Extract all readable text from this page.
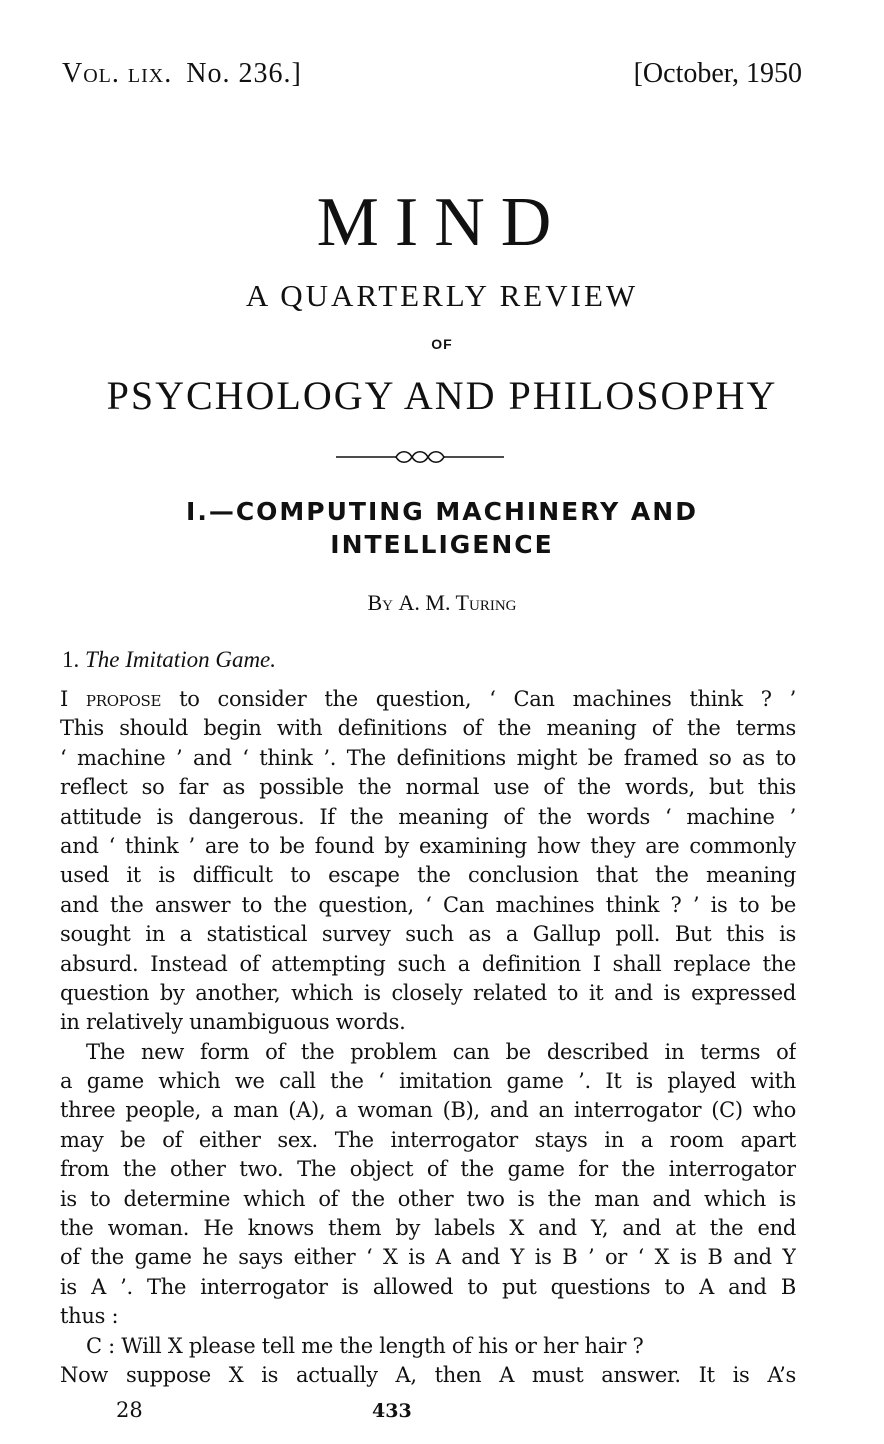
Vol. lix. No. 236.]	[October, 1950
MIND
A QUARTERLY REVIEW
OF
PSYCHOLOGY AND PHILOSOPHY
I.—COMPUTING MACHINERY AND
INTELLIGENCE
By A. M. Turing
1. The Imitation Game.
I propose to consider the question, ‘ Can machines think ? ’
This should begin with definitions of the meaning of the terms
‘ machine ’ and ‘ think ’. The definitions might be framed so as to
reflect so far as possible the normal use of the words, but this
attitude is dangerous. If the meaning of the words ‘ machine ’
and ‘ think ’ are to be found by examining how they are commonly
used it is difficult to escape the conclusion that the meaning
and the answer to the question, ‘ Can machines think ? ’ is to be
sought in a statistical survey such as a Gallup poll. But this is
absurd. Instead of attempting such a definition I shall replace the
question by another, which is closely related to it and is expressed
in relatively unambiguous words.
The new form of the problem can be described in terms of
a game which we call the ‘ imitation game ’. It is played with
three people, a man (A), a woman (B), and an interrogator (C) who
may be of either sex. The interrogator stays in a room apart
from the other two. The object of the game for the interrogator
is to determine which of the other two is the man and which is
the woman. He knows them by labels X and Y, and at the end
of the game he says either ‘ X is A and Y is B ’ or ‘ X is B and Y
is A ’. The interrogator is allowed to put questions to A and B
thus :
C : Will X please tell me the length of his or her hair ?
Now suppose X is actually A, then A must answer. It is A’s
28	433
